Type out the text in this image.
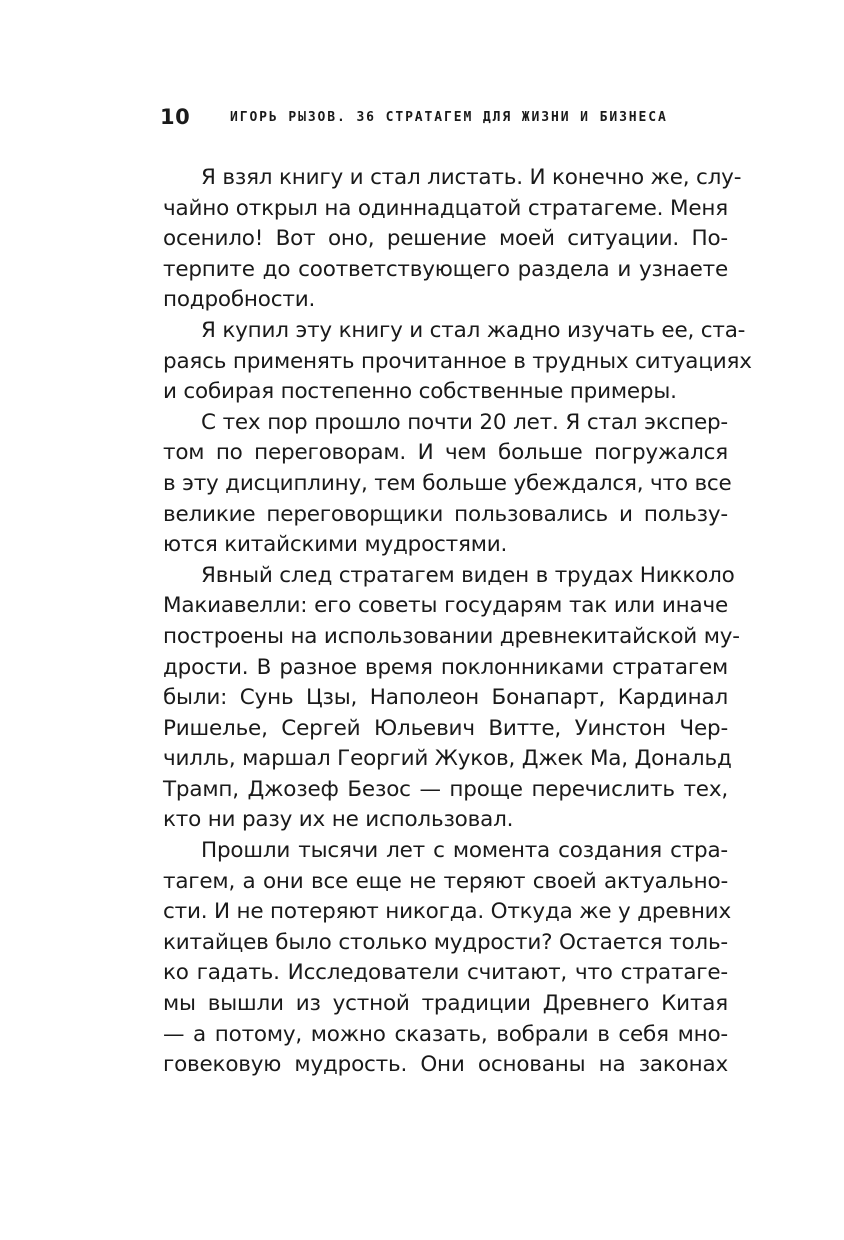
10	ИГОРЬ РЫЗОВ. 36 СТРАТАГЕМ ДЛЯ ЖИЗНИ И БИЗНЕСА
Я взял книгу и стал листать. И конечно же, слу-
чайно открыл на одиннадцатой стратагеме. Меня
осенило! Вот оно, решение моей ситуации. По-
терпите до соответствующего раздела и узнаете
подробности.
Я купил эту книгу и стал жадно изучать ее, ста-
раясь применять прочитанное в трудных ситуациях
и собирая постепенно собственные примеры.
С тех пор прошло почти 20 лет. Я стал экспер-
том по переговорам. И чем больше погружался
в эту дисциплину, тем больше убеждался, что все
великие переговорщики пользовались и пользу-
ются китайскими мудростями.
Явный след стратагем виден в трудах Никколо
Макиавелли: его советы государям так или иначе
построены на использовании древнекитайской му-
дрости. В разное время поклонниками стратагем
были: Сунь Цзы, Наполеон Бонапарт, Кардинал
Ришелье, Сергей Юльевич Витте, Уинстон Чер-
чилль, маршал Георгий Жуков, Джек Ма, Дональд
Трамп, Джозеф Безос — проще перечислить тех,
кто ни разу их не использовал.
Прошли тысячи лет с момента создания стра-
тагем, а они все еще не теряют своей актуально-
сти. И не потеряют никогда. Откуда же у древних
китайцев было столько мудрости? Остается толь-
ко гадать. Исследователи считают, что стратаге-
мы вышли из устной традиции Древнего Китая
— а потому, можно сказать, вобрали в себя мно-
говековую мудрость. Они основаны на законах
